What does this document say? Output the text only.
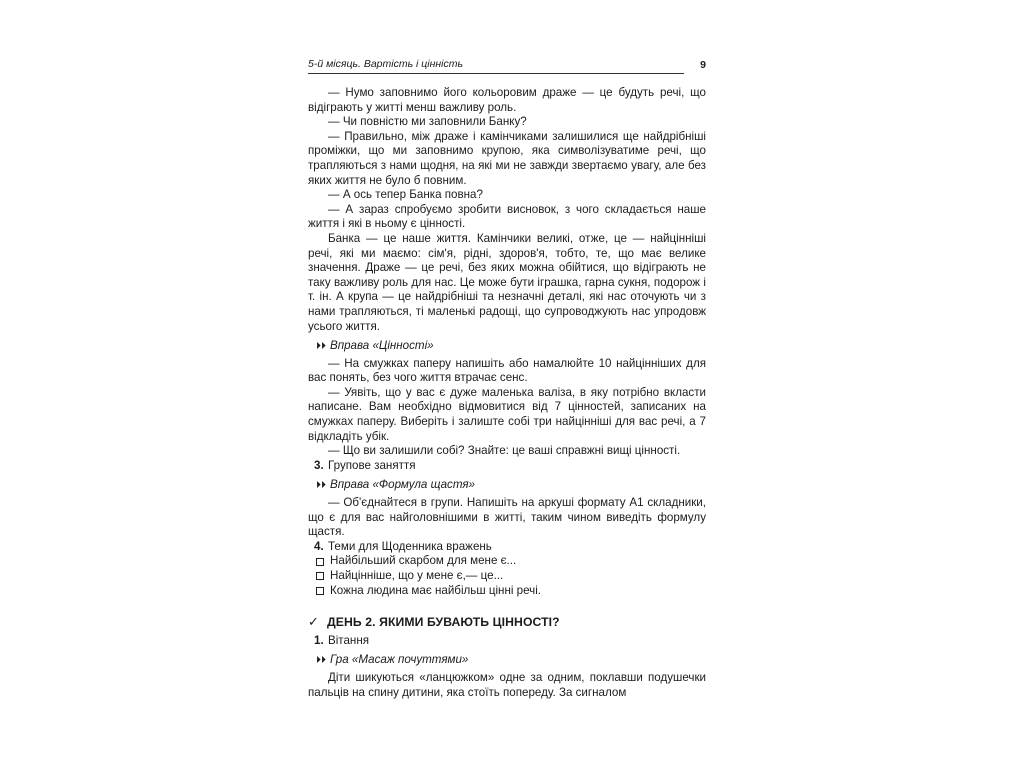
5-й місяць. Вартість і цінність	9

— Нумо заповнимо його кольоровим драже — це будуть речі, що відіграють у житті менш важливу роль.

— Чи повністю ми заповнили Банку?

— Правильно, між драже і камінчиками залишилися ще найдрібніші проміжки, що ми заповнимо крупою, яка символізуватиме речі, що трапляються з нами щодня, на які ми не завжди звертаємо увагу, але без яких життя не було б повним.

— А ось тепер Банка повна?

— А зараз спробуємо зробити висновок, з чого складається наше життя і які в ньому є цінності.

Банка — це наше життя. Камінчики великі, отже, це — найцінніші речі, які ми маємо: сім'я, рідні, здоров'я, тобто, те, що має велике значення. Драже — це речі, без яких можна обійтися, що відіграють не таку важливу роль для нас. Це може бути іграшка, гарна сукня, подорож і т. ін. А крупа — це найдрібніші та незначні деталі, які нас оточують чи з нами трапляються, ті маленькі радощі, що супроводжують нас упродовж усього життя.

⏵⏵ Вправа «Цінності»

— На смужках паперу напишіть або намалюйте 10 найцінніших для вас понять, без чого життя втрачає сенс.

— Уявіть, що у вас є дуже маленька валіза, в яку потрібно вкласти написане. Вам необхідно відмовитися від 7 цінностей, записаних на смужках паперу. Виберіть і залиште собі три найцінніші для вас речі, а 7 відкладіть убік.

— Що ви залишили собі? Знайте: це ваші справжні вищі цінності.

3. Групове заняття
⏵⏵ Вправа «Формула щастя»

— Об'єднайтеся в групи. Напишіть на аркуші формату А1 складники, що є для вас найголовнішими в житті, таким чином виведіть формулу щастя.

4. Теми для Щоденника вражень
Найбільший скарбом для мене є...
Найцінніше, що у мене є,— це...
Кожна людина має найбільш цінні речі.
✓ ДЕНЬ 2. ЯКИМИ БУВАЮТЬ ЦІННОСТІ?
1. Вітання
⏵⏵ Гра «Масаж почуттями»

Діти шикуються «ланцюжком» одне за одним, поклавши подушечки пальців на спину дитини, яка стоїть попереду. За сигналом
